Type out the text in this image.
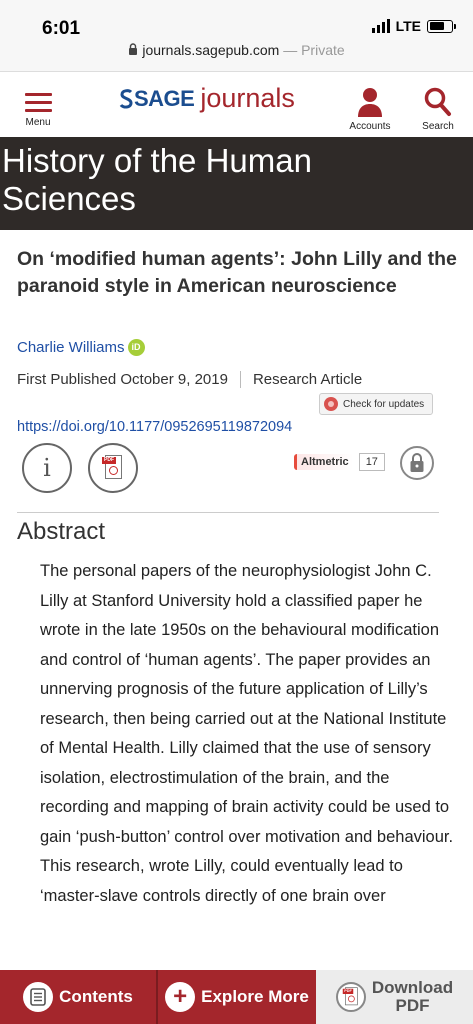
6:01	LTE
journals.sagepub.com — Private
Menu
SAGE journals
Accounts	Search
History of the Human
Sciences
On ‘modified human agents’: John Lilly and the paranoid style in American neuroscience
Charlie Williams iD
First Published October 9, 2019 Research Article
Check for updates
https://doi.org/10.1177/0952695119872094
i	PDF	Altmetric	17
Abstract

The personal papers of the neurophysiologist John C. Lilly at Stanford University hold a classified paper he wrote in the late 1950s on the behavioural modification and control of ‘human agents’. The paper provides an unnerving prognosis of the future application of Lilly’s research, then being carried out at the National Institute of Mental Health. Lilly claimed that the use of sensory isolation, electrostimulation of the brain, and the recording and mapping of brain activity could be used to gain ‘push-button’ control over motivation and behaviour. This research, wrote Lilly, could eventually lead to ‘master-slave controls directly of one brain over

Contents + Explore More	PDF Download
PDF
